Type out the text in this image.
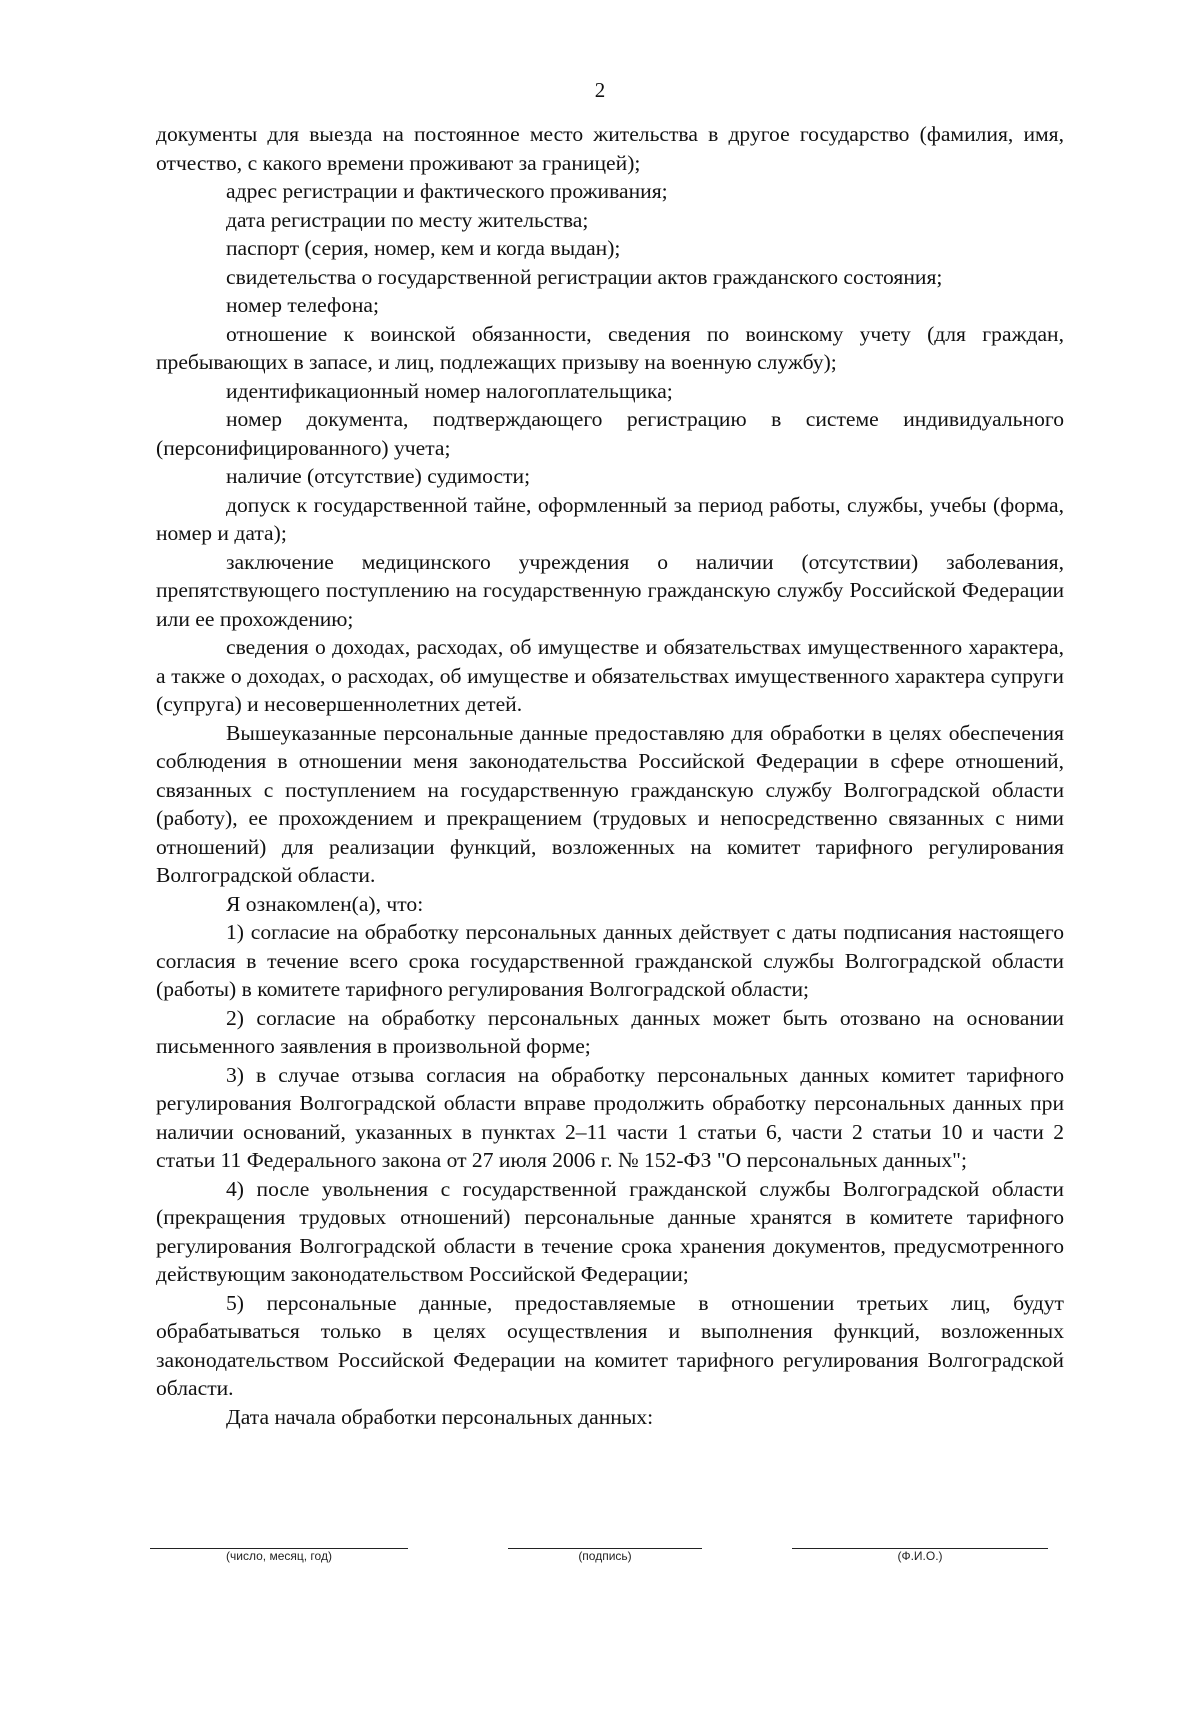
2

документы для выезда на постоянное место жительства в другое государство (фамилия, имя, отчество, с какого времени проживают за границей);

адрес регистрации и фактического проживания;

дата регистрации по месту жительства;

паспорт (серия, номер, кем и когда выдан);

свидетельства о государственной регистрации актов гражданского состояния;

номер телефона;

отношение к воинской обязанности, сведения по воинскому учету (для граждан, пребывающих в запасе, и лиц, подлежащих призыву на военную службу);

идентификационный номер налогоплательщика;

номер документа, подтверждающего регистрацию в системе индивидуального (персонифицированного) учета;

наличие (отсутствие) судимости;

допуск к государственной тайне, оформленный за период работы, службы, учебы (форма, номер и дата);

заключение медицинского учреждения о наличии (отсутствии) заболевания, препятствующего поступлению на государственную гражданскую службу Российской Федерации или ее прохождению;

сведения о доходах, расходах, об имуществе и обязательствах имущественного характера, а также о доходах, о расходах, об имуществе и обязательствах имущественного характера супруги (супруга) и несовершеннолетних детей.

Вышеуказанные персональные данные предоставляю для обработки в целях обеспечения соблюдения в отношении меня законодательства Российской Федерации в сфере отношений, связанных с поступлением на государственную гражданскую службу Волгоградской области (работу), ее прохождением и прекращением (трудовых и непосредственно связанных с ними отношений) для реализации функций, возложенных на комитет тарифного регулирования Волгоградской области.

Я ознакомлен(а), что:

1) согласие на обработку персональных данных действует с даты подписания настоящего согласия в течение всего срока государственной гражданской службы Волгоградской области (работы) в комитете тарифного регулирования Волгоградской области;

2) согласие на обработку персональных данных может быть отозвано на основании письменного заявления в произвольной форме;

3) в случае отзыва согласия на обработку персональных данных комитет тарифного регулирования Волгоградской области вправе продолжить обработку персональных данных при наличии оснований, указанных в пунктах 2–11 части 1 статьи 6, части 2 статьи 10 и части 2 статьи 11 Федерального закона от 27 июля 2006 г. № 152-ФЗ "О персональных данных";

4) после увольнения с государственной гражданской службы Волгоградской области (прекращения трудовых отношений) персональные данные хранятся в комитете тарифного регулирования Волгоградской области в течение срока хранения документов, предусмотренного действующим законодательством Российской Федерации;

5) персональные данные, предоставляемые в отношении третьих лиц, будут обрабатываться только в целях осуществления и выполнения функций, возложенных законодательством Российской Федерации на комитет тарифного регулирования Волгоградской области.

Дата начала обработки персональных данных:

(число, месяц, год)	(подпись)	(Ф.И.О.)
